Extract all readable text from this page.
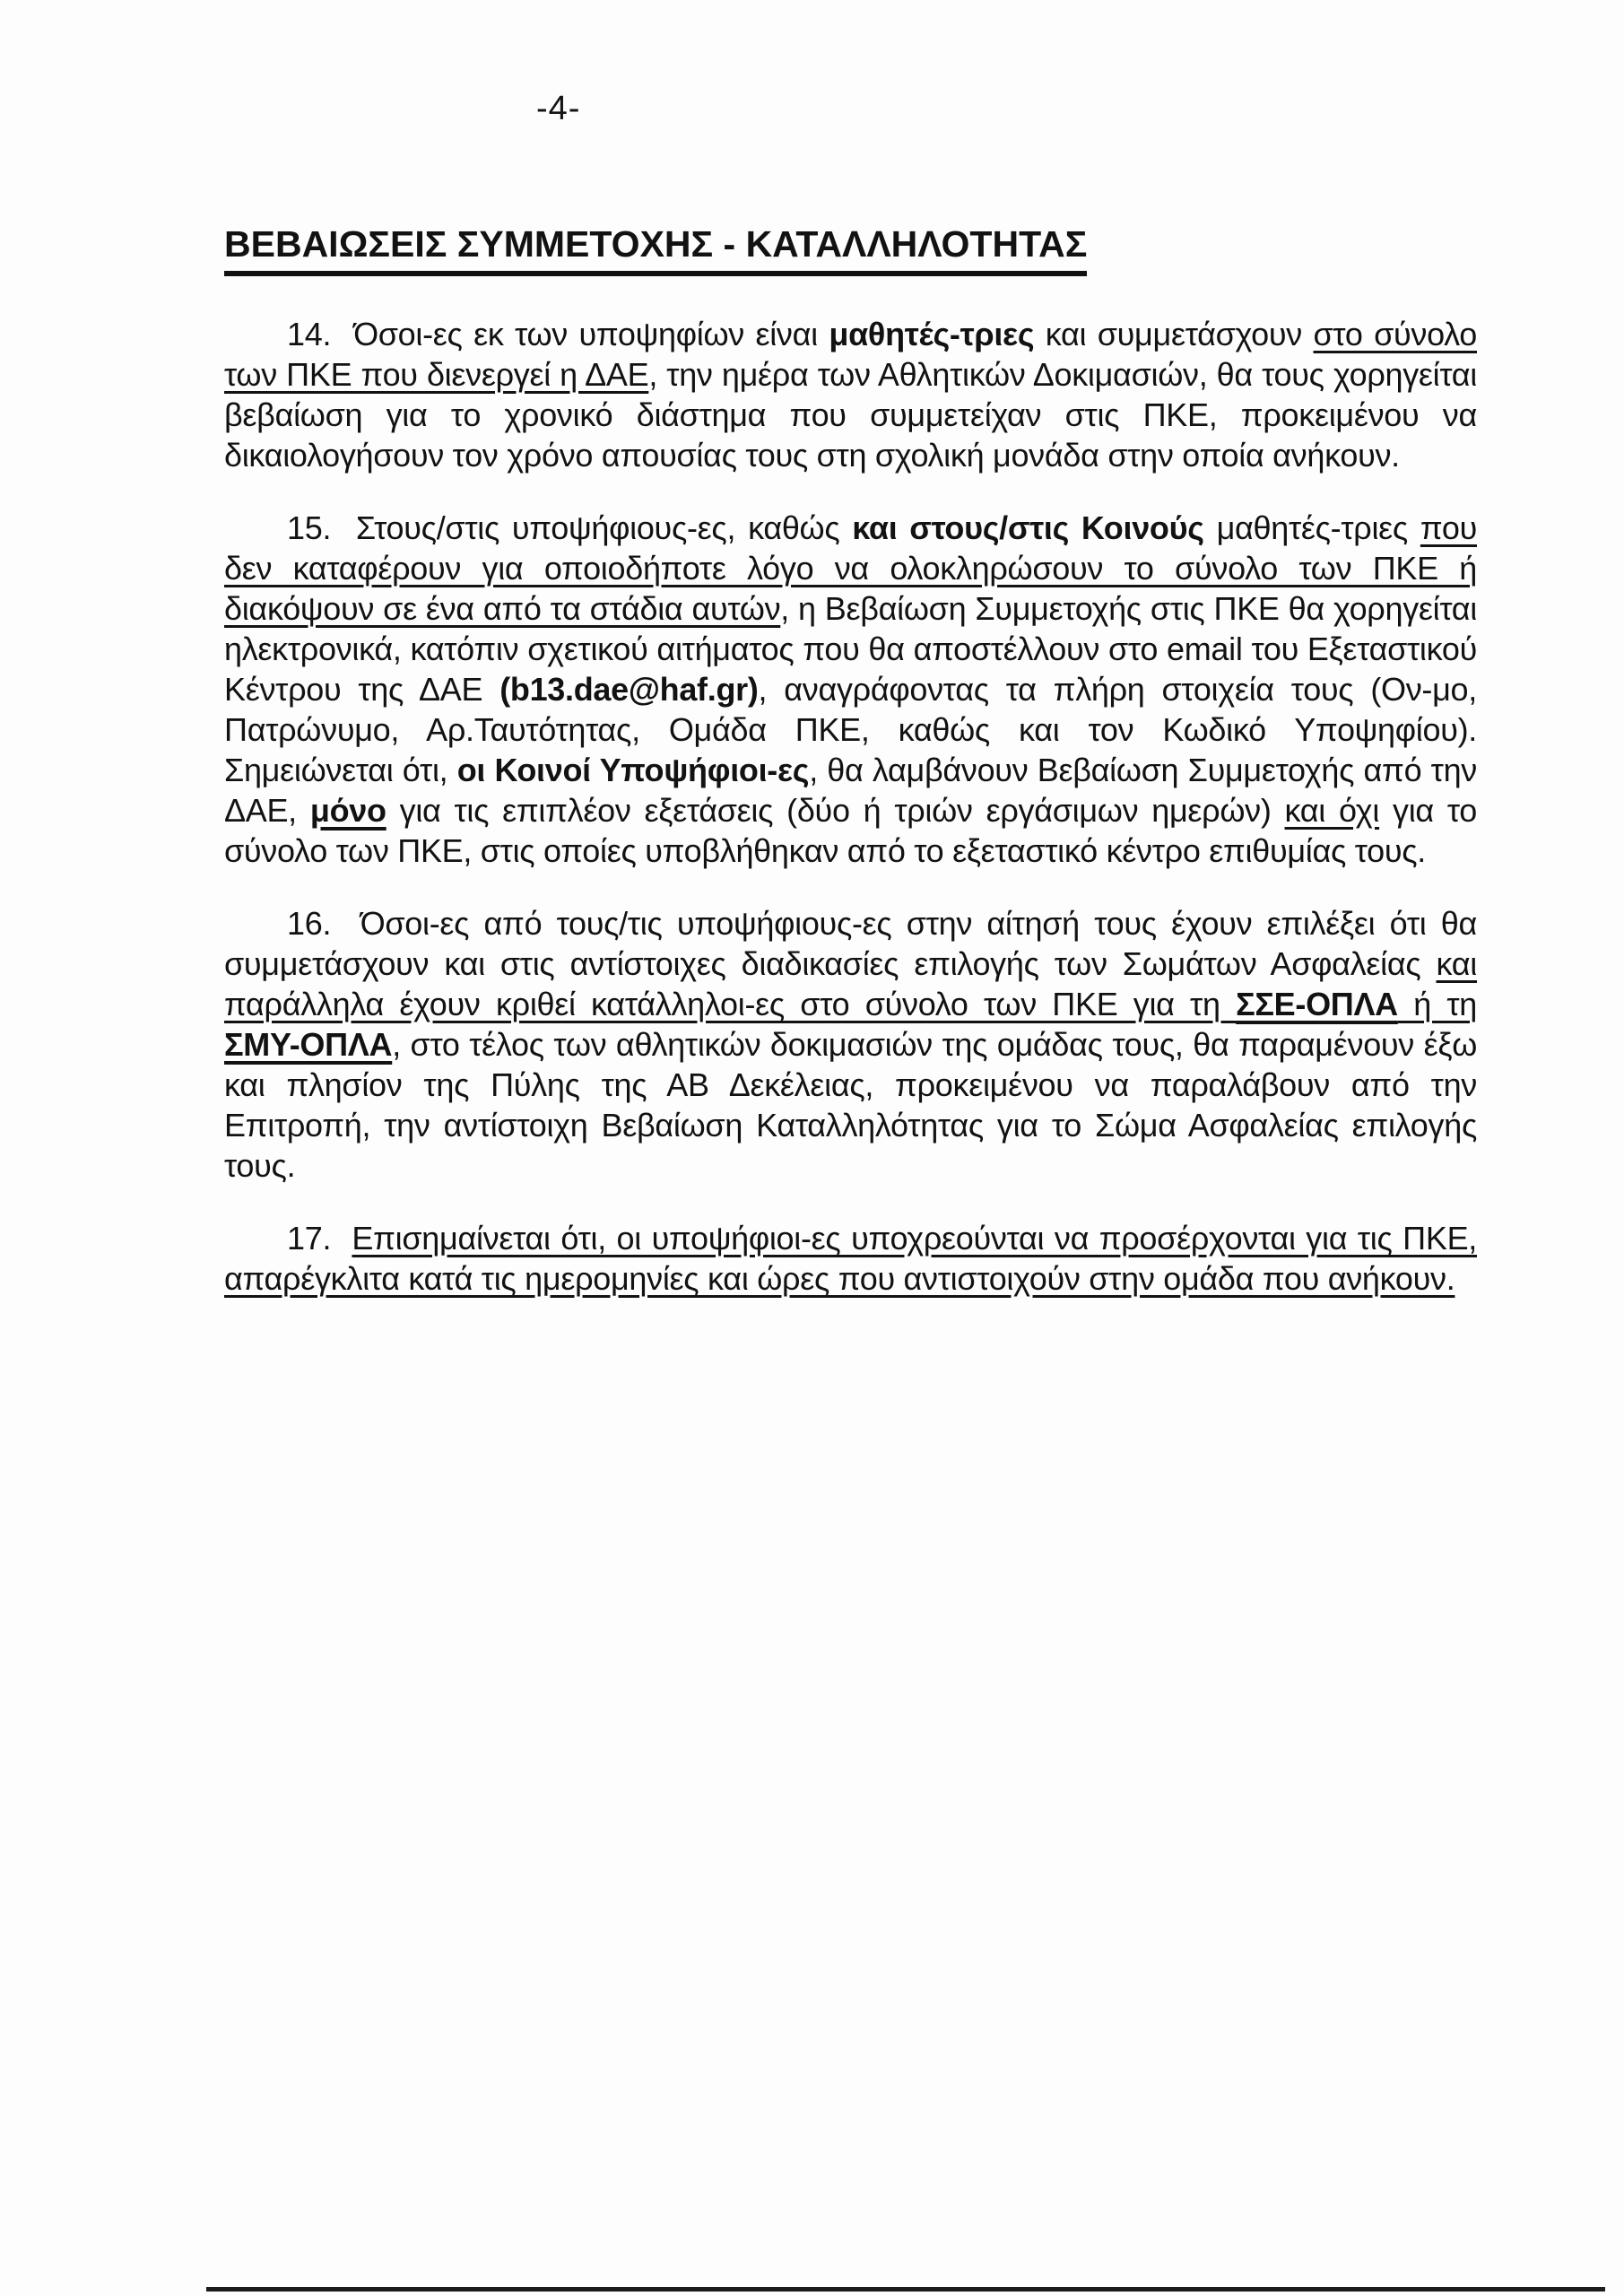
-4-
ΒΕΒΑΙΩΣΕΙΣ ΣΥΜΜΕΤΟΧΗΣ - ΚΑΤΑΛΛΗΛΟΤΗΤΑΣ

14.  Όσοι-ες εκ των υποψηφίων είναι μαθητές-τριες και συμμετάσχουν στο σύνολο των ΠΚΕ που διενεργεί η ΔΑΕ, την ημέρα των Αθλητικών Δοκιμασιών, θα τους χορηγείται βεβαίωση για το χρονικό διάστημα που συμμετείχαν στις ΠΚΕ, προκειμένου να δικαιολογήσουν τον χρόνο απουσίας τους στη σχολική μονάδα στην οποία ανήκουν.

15.  Στους/στις υποψήφιους-ες, καθώς και στους/στις Κοινούς μαθητές-τριες που δεν καταφέρουν για οποιοδήποτε λόγο να ολοκληρώσουν το σύνολο των ΠΚΕ ή διακόψουν σε ένα από τα στάδια αυτών, η Βεβαίωση Συμμετοχής στις ΠΚΕ θα χορηγείται ηλεκτρονικά, κατόπιν σχετικού αιτήματος που θα αποστέλλουν στο email του Εξεταστικού Κέντρου της ΔΑΕ (b13.dae@haf.gr), αναγράφοντας τα πλήρη στοιχεία τους (Ον-μο, Πατρώνυμο, Αρ.Ταυτότητας, Ομάδα ΠΚΕ, καθώς και τον Κωδικό Υποψηφίου). Σημειώνεται ότι, οι Κοινοί Υποψήφιοι-ες, θα λαμβάνουν Βεβαίωση Συμμετοχής από την ΔΑΕ, μόνο για τις επιπλέον εξετάσεις (δύο ή τριών εργάσιμων ημερών) και όχι για το σύνολο των ΠΚΕ, στις οποίες υποβλήθηκαν από το εξεταστικό κέντρο επιθυμίας τους.

16.  Όσοι-ες από τους/τις υποψήφιους-ες στην αίτησή τους έχουν επιλέξει ότι θα συμμετάσχουν και στις αντίστοιχες διαδικασίες επιλογής των Σωμάτων Ασφαλείας και παράλληλα έχουν κριθεί κατάλληλοι-ες στο σύνολο των ΠΚΕ για τη ΣΣΕ-ΟΠΛΑ ή τη ΣΜΥ-ΟΠΛΑ, στο τέλος των αθλητικών δοκιμασιών της ομάδας τους, θα παραμένουν έξω και πλησίον της Πύλης της ΑΒ Δεκέλειας, προκειμένου να παραλάβουν από την Επιτροπή, την αντίστοιχη Βεβαίωση Καταλληλότητας για το Σώμα Ασφαλείας επιλογής τους.

17.  Επισημαίνεται ότι, οι υποψήφιοι-ες υποχρεούνται να προσέρχονται για τις ΠΚΕ, απαρέγκλιτα κατά τις ημερομηνίες και ώρες που αντιστοιχούν στην ομάδα που ανήκουν.
